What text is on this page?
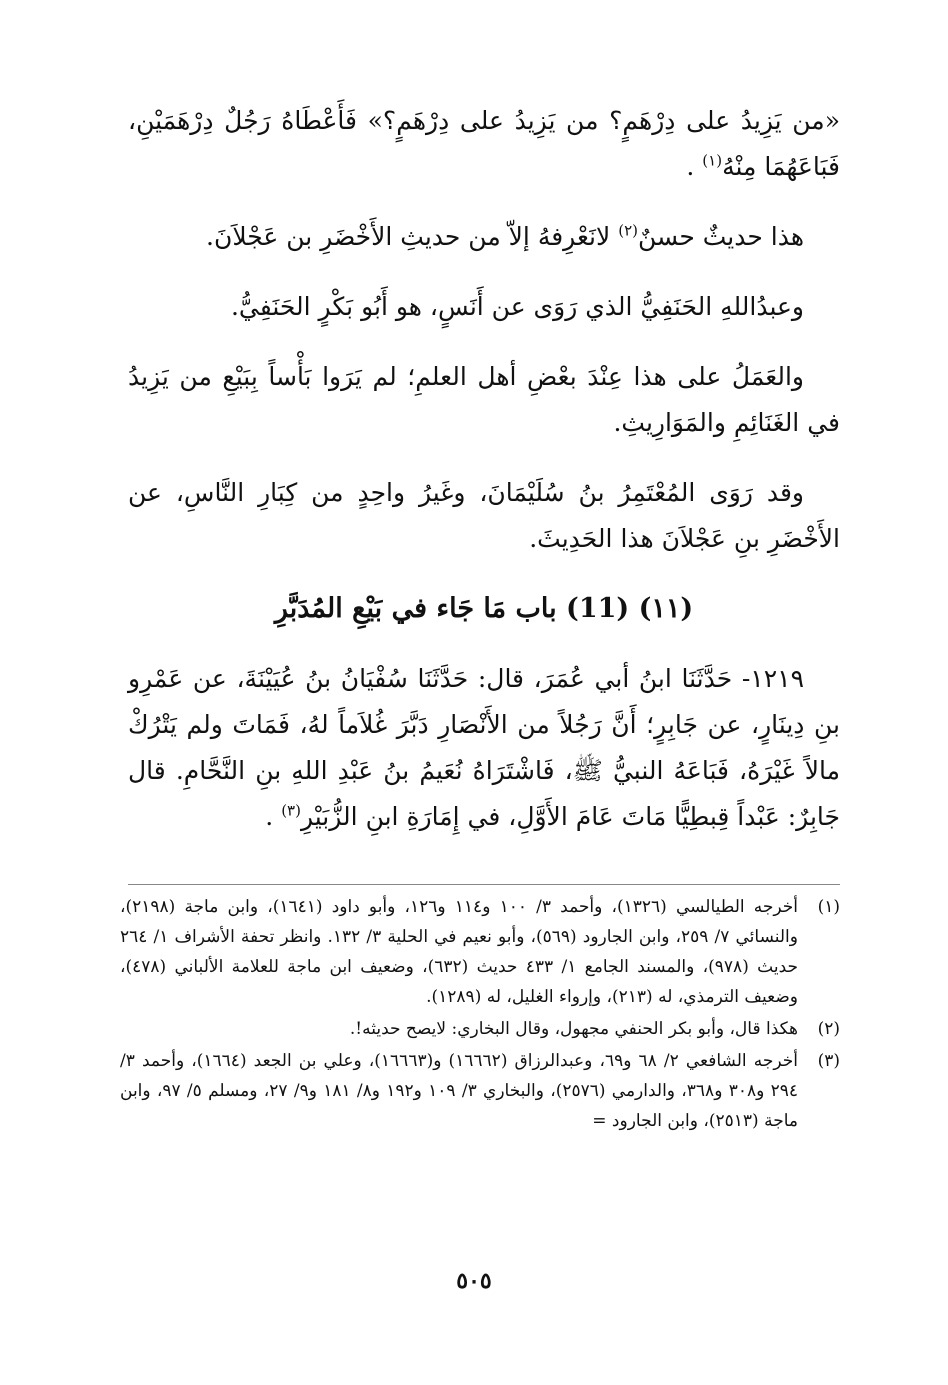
«من يَزِيدُ على دِرْهَمٍ؟ من يَزِيدُ على دِرْهَمٍ؟» فَأَعْطَاهُ رَجُلٌ دِرْهَمَيْنِ، فَبَاعَهُمَا مِنْهُ$^{(١)}$ .

هذا حديثٌ حسنٌ$^{(٢)}$ لانَعْرِفهُ إلاّ من حديثِ الأَخْضَرِ بن عَجْلاَنَ.

وعبدُاللهِ الحَنَفِيُّ الذي رَوَى عن أَنَسٍ، هو أَبُو بَكْرٍ الحَنَفِيُّ.

والعَمَلُ على هذا عِنْدَ بعْضِ أهل العلمِ؛ لم يَرَوا بَأْساً بِبَيْعِ من يَزِيدُ في الغَنَائِمِ والمَوَارِيثِ.

وقد رَوَى المُعْتَمِرُ بنُ سُلَيْمَانَ، وغَيرُ واحِدٍ من كِبَارِ النَّاسِ، عن الأَخْضَرِ بنِ عَجْلاَنَ هذا الحَدِيثَ.

(١١) (11) باب مَا جَاء في بَيْعِ المُدَبَّرِ

١٢١٩- حَدَّثَنَا ابنُ أبي عُمَرَ، قال: حَدَّثَنَا سُفْيَانُ بنُ عُيَيْنَةَ، عن عَمْرِو بنِ دِينَارٍ، عن جَابِرٍ؛ أَنَّ رَجُلاً من الأَنْصَارِ دَبَّرَ غُلاَماً لهُ، فَمَاتَ ولم يَتْرُكْ مالاً غَيْرَهُ، فَبَاعَهُ النبيُّ ﷺ، فَاشْتَرَاهُ نُعَيمُ بنُ عَبْدِ اللهِ بنِ النَّحَّامِ. قال جَابِرٌ: عَبْداً قِبطِيًّا مَاتَ عَامَ الأَوَّلِ، في إِمَارَةِ ابنِ الزُّبَيْرِ$^{(٣)}$ .

(١)
أخرجه الطيالسي (١٣٢٦)، وأحمد ٣/ ١٠٠ و١١٤ و١٢٦، وأبو داود (١٦٤١)، وابن ماجة (٢١٩٨)، والنسائي ٧/ ٢٥٩، وابن الجارود (٥٦٩)، وأبو نعيم في الحلية ٣/ ١٣٢. وانظر تحفة الأشراف ١/ ٢٦٤ حديث (٩٧٨)، والمسند الجامع ١/ ٤٣٣ حديث (٦٣٢)، وضعيف ابن ماجة للعلامة الألباني (٤٧٨)، وضعيف الترمذي، له (٢١٣)، وإرواء الغليل، له (١٢٨٩).
(٢)
هكذا قال، وأبو بكر الحنفي مجهول، وقال البخاري: لايصح حديثه!.
(٣)
أخرجه الشافعي ٢/ ٦٨ و٦٩، وعبدالرزاق (١٦٦٦٢) و(١٦٦٦٣)، وعلي بن الجعد (١٦٦٤)، وأحمد ٣/ ٢٩٤ و٣٠٨ و٣٦٨، والدارمي (٢٥٧٦)، والبخاري ٣/ ١٠٩ و١٩٢ و٨/ ١٨١ و٩/ ٢٧، ومسلم ٥/ ٩٧، وابن ماجة (٢٥١٣)، وابن الجارود =
٥٠٥
